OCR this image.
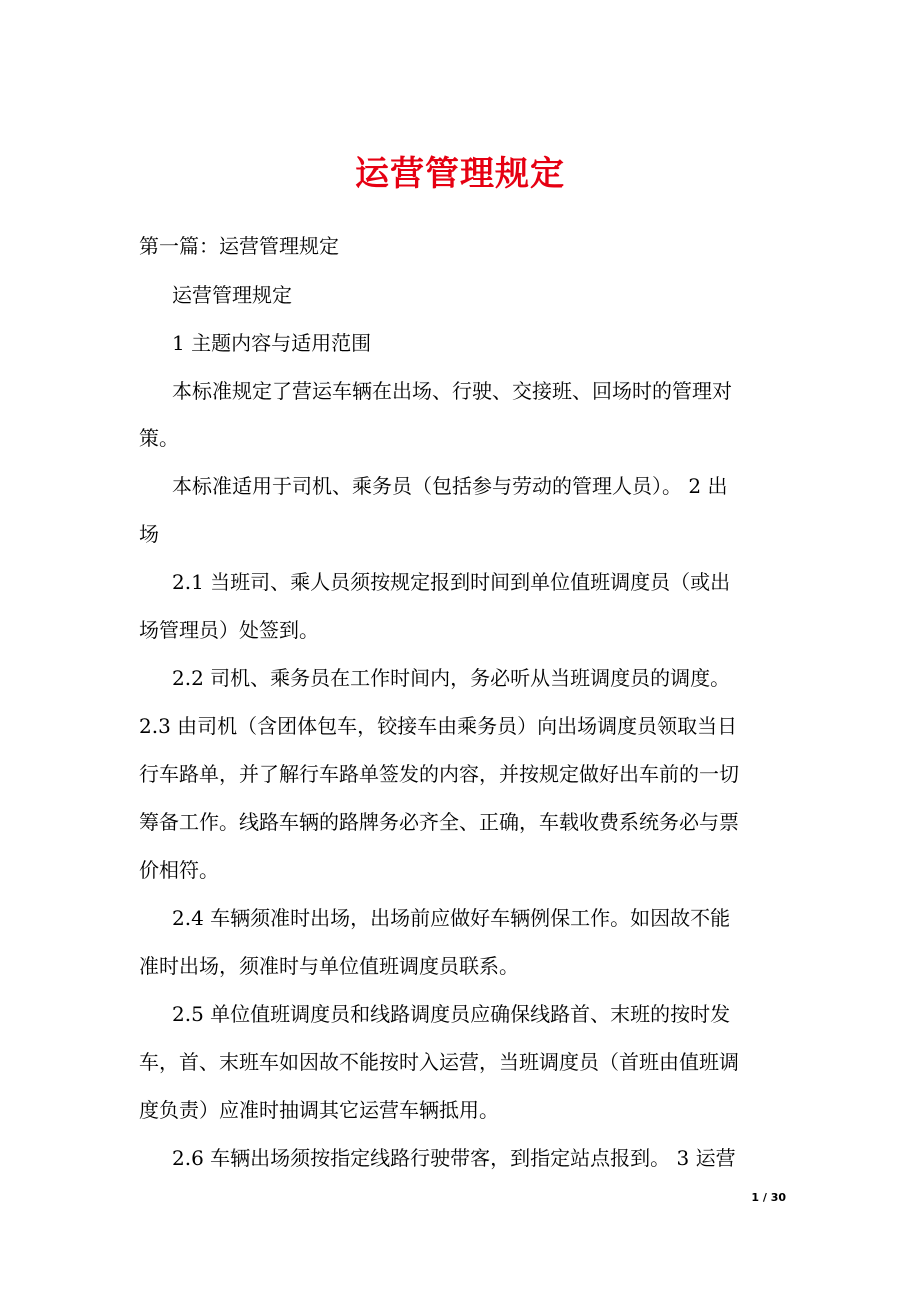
运营管理规定
第一篇：运营管理规定
运营管理规定
1 主题内容与适用范围
本标准规定了营运车辆在出场、行驶、交接班、回场时的管理对
策。
本标准适用于司机、乘务员（包括参与劳动的管理人员）。 2 出
场
2.1 当班司、乘人员须按规定报到时间到单位值班调度员（或出
场管理员）处签到。
2.2 司机、乘务员在工作时间内，务必听从当班调度员的调度。
2.3 由司机（含团体包车，铰接车由乘务员）向出场调度员领取当日
行车路单，并了解行车路单签发的内容，并按规定做好出车前的一切
筹备工作。线路车辆的路牌务必齐全、正确，车载收费系统务必与票
价相符。
2.4 车辆须准时出场，出场前应做好车辆例保工作。如因故不能
准时出场，须准时与单位值班调度员联系。
2.5 单位值班调度员和线路调度员应确保线路首、末班的按时发
车，首、末班车如因故不能按时入运营，当班调度员（首班由值班调
度负责）应准时抽调其它运营车辆抵用。
2.6 车辆出场须按指定线路行驶带客，到指定站点报到。 3 运营
1 / 30
